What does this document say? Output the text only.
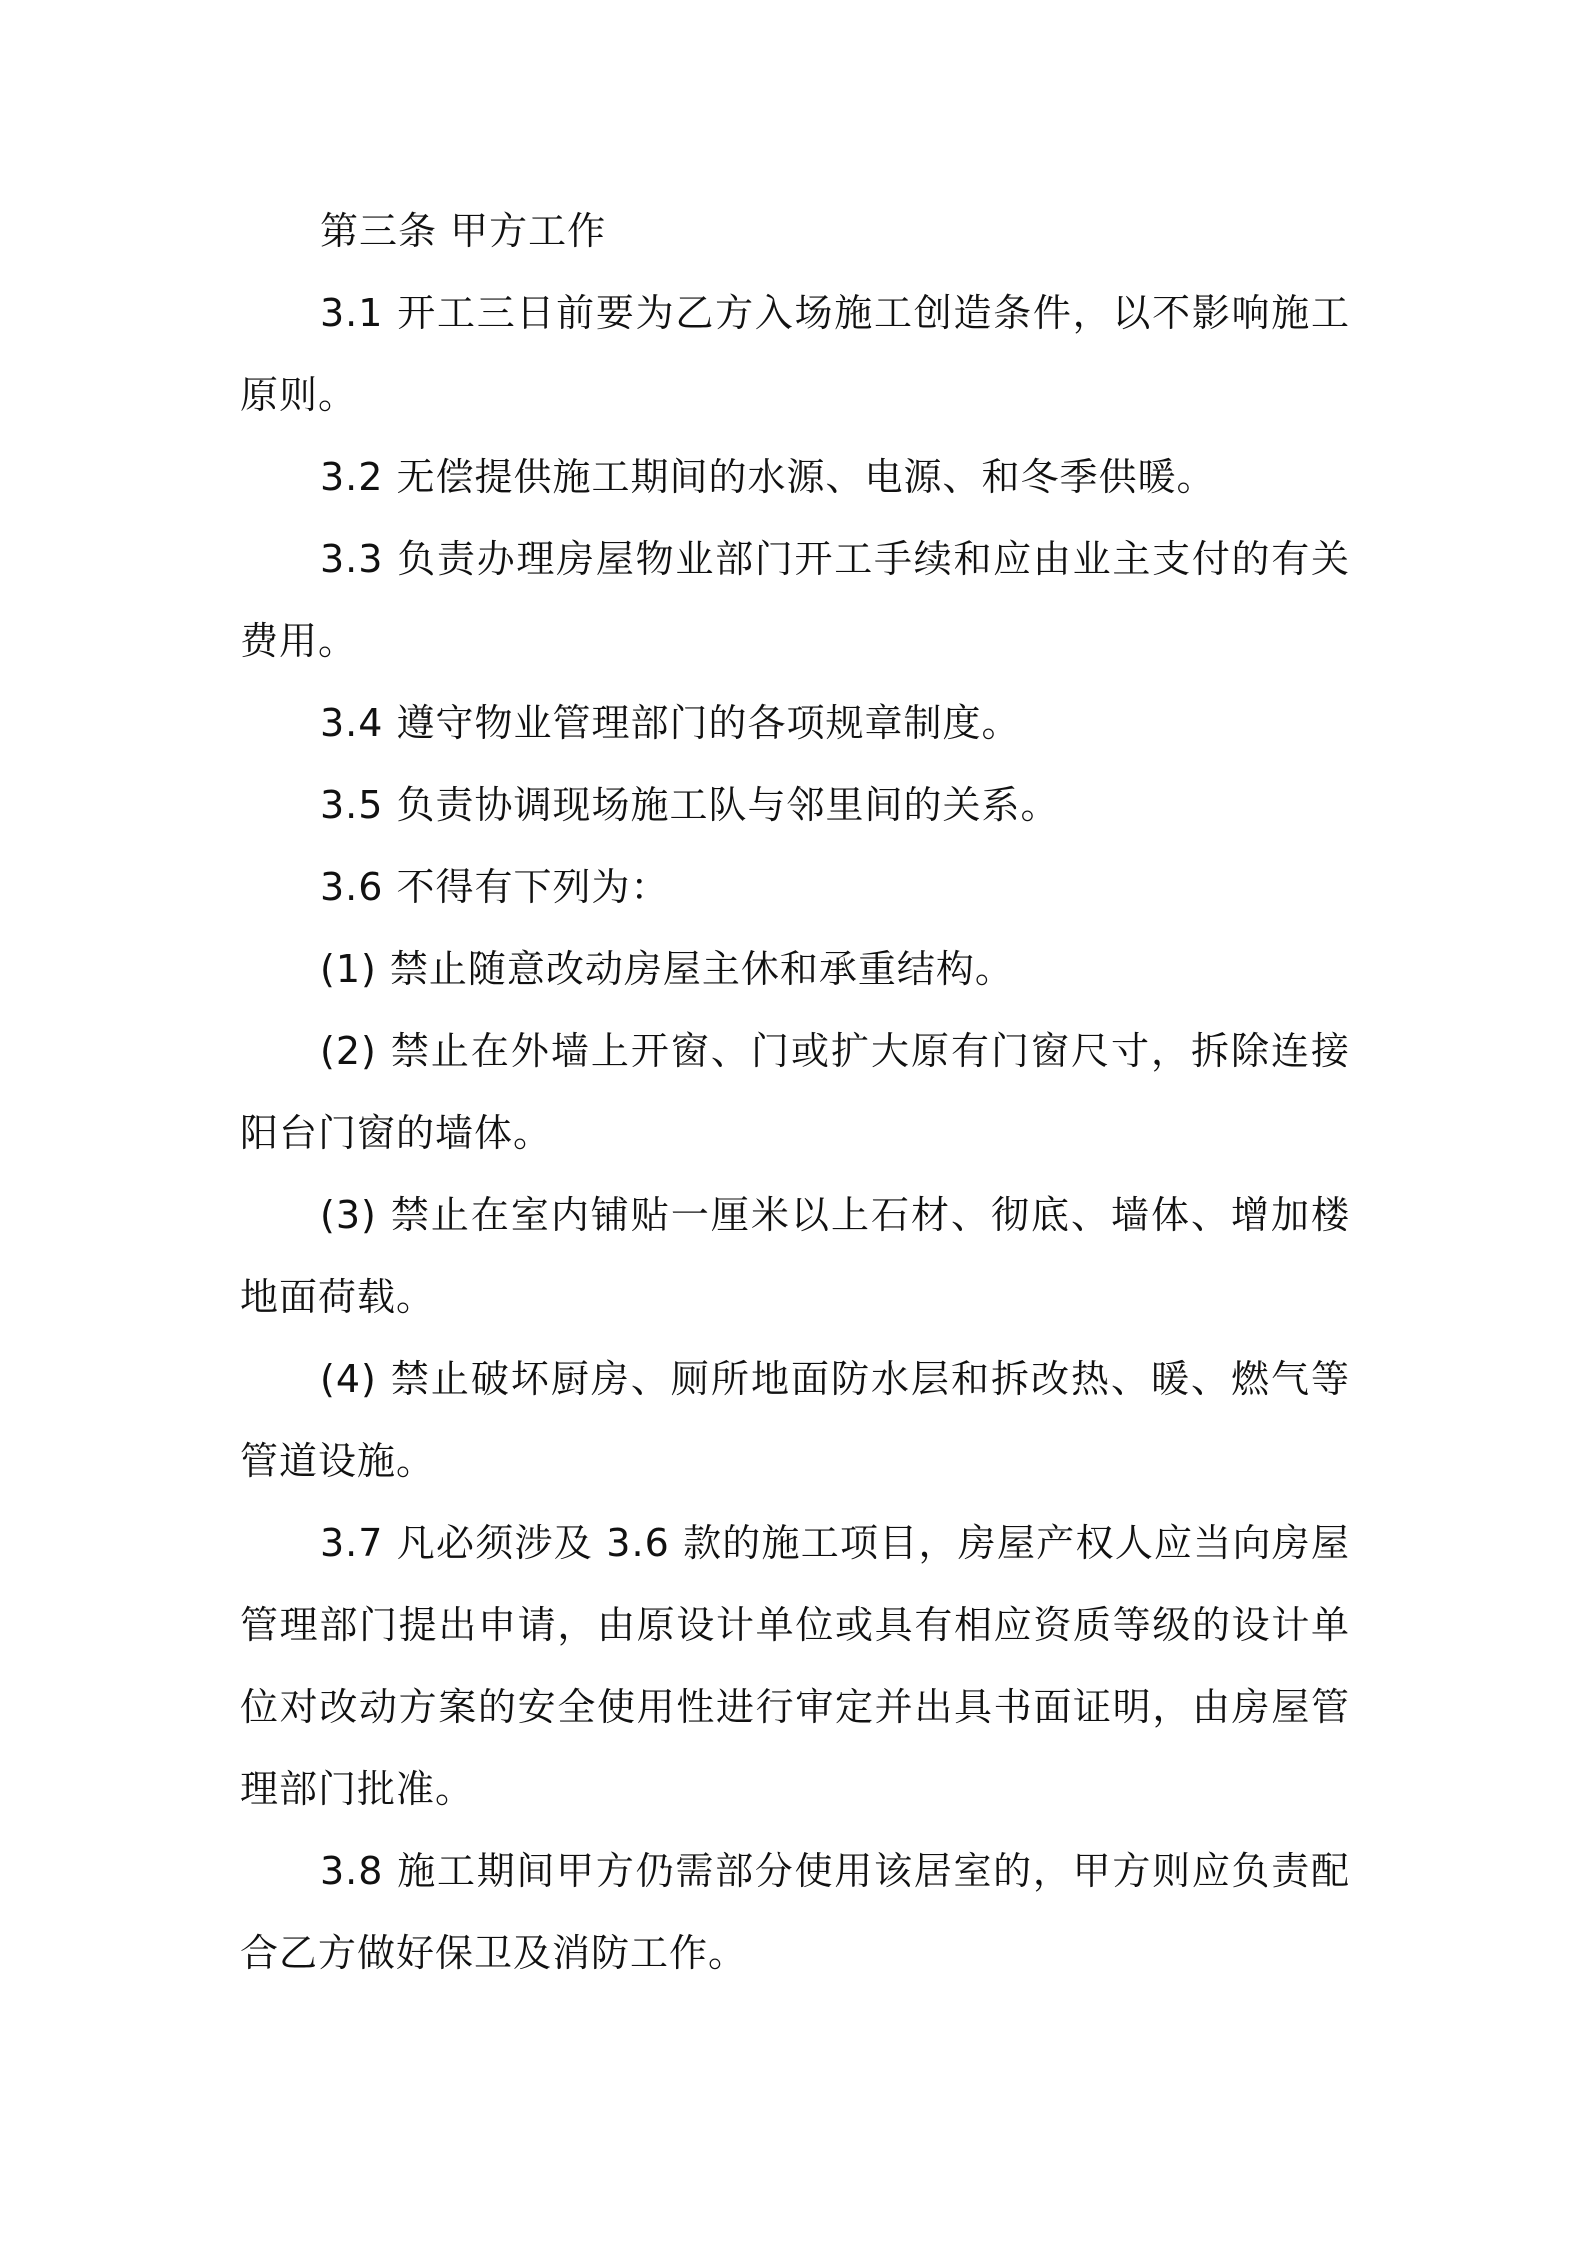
第三条 甲方工作

3.1 开工三日前要为乙方入场施工创造条件，以不影响施工原则。

3.2 无偿提供施工期间的水源、电源、和冬季供暖。

3.3 负责办理房屋物业部门开工手续和应由业主支付的有关费用。

3.4 遵守物业管理部门的各项规章制度。

3.5 负责协调现场施工队与邻里间的关系。

3.6 不得有下列为：

(1) 禁止随意改动房屋主休和承重结构。

(2) 禁止在外墙上开窗、门或扩大原有门窗尺寸，拆除连接阳台门窗的墙体。

(3) 禁止在室内铺贴一厘米以上石材、彻底、墙体、增加楼地面荷载。

(4) 禁止破坏厨房、厕所地面防水层和拆改热、暖、燃气等管道设施。

3.7 凡必须涉及 3.6 款的施工项目，房屋产权人应当向房屋管理部门提出申请，由原设计单位或具有相应资质等级的设计单位对改动方案的安全使用性进行审定并出具书面证明，由房屋管理部门批准。

3.8 施工期间甲方仍需部分使用该居室的，甲方则应负责配合乙方做好保卫及消防工作。
